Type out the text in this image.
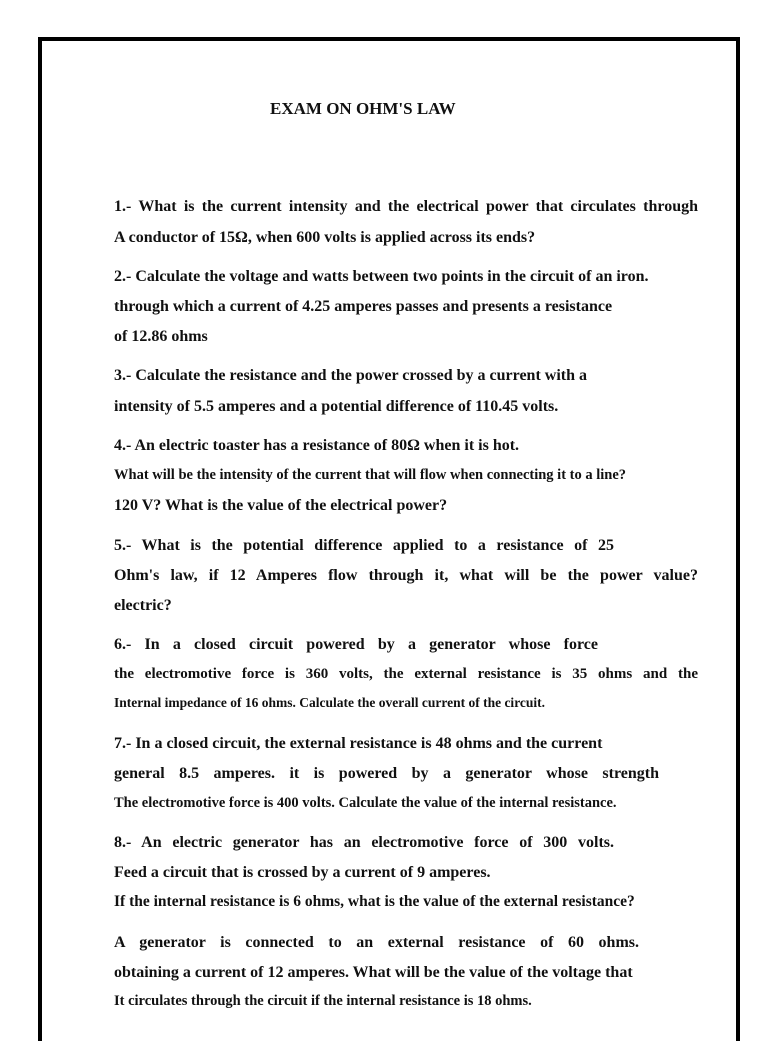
EXAM ON OHM'S LAW
1.- What is the current intensity and the electrical power that circulates through
A conductor of 15Ω, when 600 volts is applied across its ends?
2.- Calculate the voltage and watts between two points in the circuit of an iron.
through which a current of 4.25 amperes passes and presents a resistance
of 12.86 ohms
3.- Calculate the resistance and the power crossed by a current with a
intensity of 5.5 amperes and a potential difference of 110.45 volts.
4.- An electric toaster has a resistance of 80Ω when it is hot.
What will be the intensity of the current that will flow when connecting it to a line?
120 V? What is the value of the electrical power?
5.- What is the potential difference applied to a resistance of 25
Ohm's law, if 12 Amperes flow through it, what will be the power value?
electric?
6.- In a closed circuit powered by a generator whose force
the electromotive force is 360 volts, the external resistance is 35 ohms and the
Internal impedance of 16 ohms. Calculate the overall current of the circuit.
7.- In a closed circuit, the external resistance is 48 ohms and the current
general 8.5 amperes. it is powered by a generator whose strength
The electromotive force is 400 volts. Calculate the value of the internal resistance.
8.- An electric generator has an electromotive force of 300 volts.
Feed a circuit that is crossed by a current of 9 amperes.
If the internal resistance is 6 ohms, what is the value of the external resistance?
A generator is connected to an external resistance of 60 ohms.
obtaining a current of 12 amperes. What will be the value of the voltage that
It circulates through the circuit if the internal resistance is 18 ohms.
